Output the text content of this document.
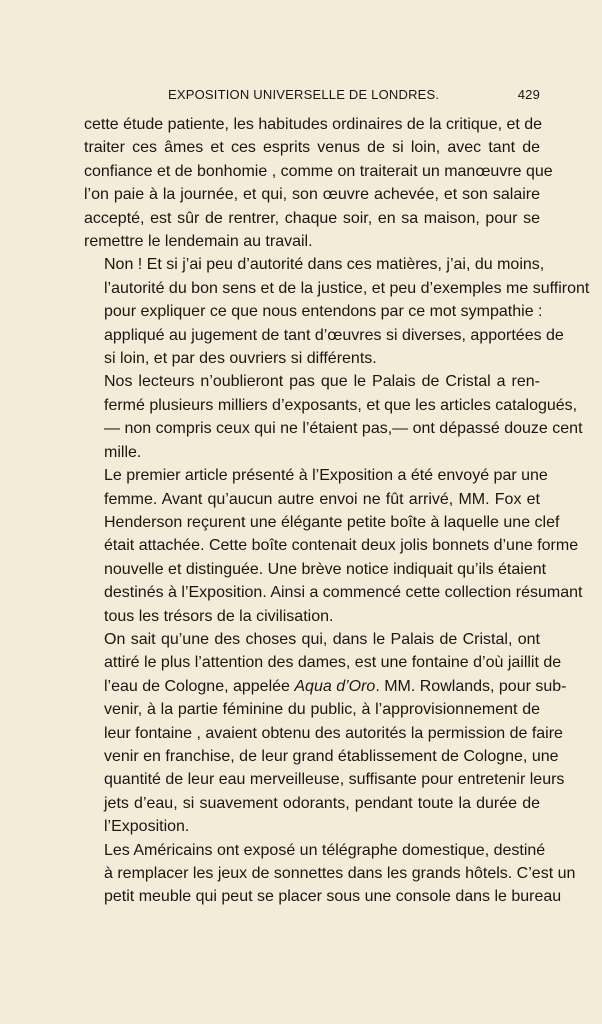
EXPOSITION UNIVERSELLE DE LONDRES.	429
cette étude patiente, les habitudes ordinaires de la critique, et de
traiter ces âmes et ces esprits venus de si loin, avec tant de
confiance et de bonhomie , comme on traiterait un manœuvre que
l’on paie à la journée, et qui, son œuvre achevée, et son salaire
accepté, est sûr de rentrer, chaque soir, en sa maison, pour se
remettre le lendemain au travail.
Non ! Et si j’ai peu d’autorité dans ces matières, j’ai, du moins,
l’autorité du bon sens et de la justice, et peu d’exemples me suffiront
pour expliquer ce que nous entendons par ce mot sympathie :
appliqué au jugement de tant d’œuvres si diverses, apportées de
si loin, et par des ouvriers si différents.
Nos lecteurs n’oublieront pas que le Palais de Cristal a ren-
fermé plusieurs milliers d’exposants, et que les articles catalogués,
— non compris ceux qui ne l’étaient pas,— ont dépassé douze cent
mille.
Le premier article présenté à l’Exposition a été envoyé par une
femme. Avant qu’aucun autre envoi ne fût arrivé, MM. Fox et
Henderson reçurent une élégante petite boîte à laquelle une clef
était attachée. Cette boîte contenait deux jolis bonnets d’une forme
nouvelle et distinguée. Une brève notice indiquait qu’ils étaient
destinés à l’Exposition. Ainsi a commencé cette collection résumant
tous les trésors de la civilisation.
On sait qu’une des choses qui, dans le Palais de Cristal, ont
attiré le plus l’attention des dames, est une fontaine d’où jaillit de
l’eau de Cologne, appelée Aqua d’Oro. MM. Rowlands, pour sub-
venir, à la partie féminine du public, à l’approvisionnement de
leur fontaine , avaient obtenu des autorités la permission de faire
venir en franchise, de leur grand établissement de Cologne, une
quantité de leur eau merveilleuse, suffisante pour entretenir leurs
jets d’eau, si suavement odorants, pendant toute la durée de
l’Exposition.
Les Américains ont exposé un télégraphe domestique, destiné
à remplacer les jeux de sonnettes dans les grands hôtels. C’est un
petit meuble qui peut se placer sous une console dans le bureau
